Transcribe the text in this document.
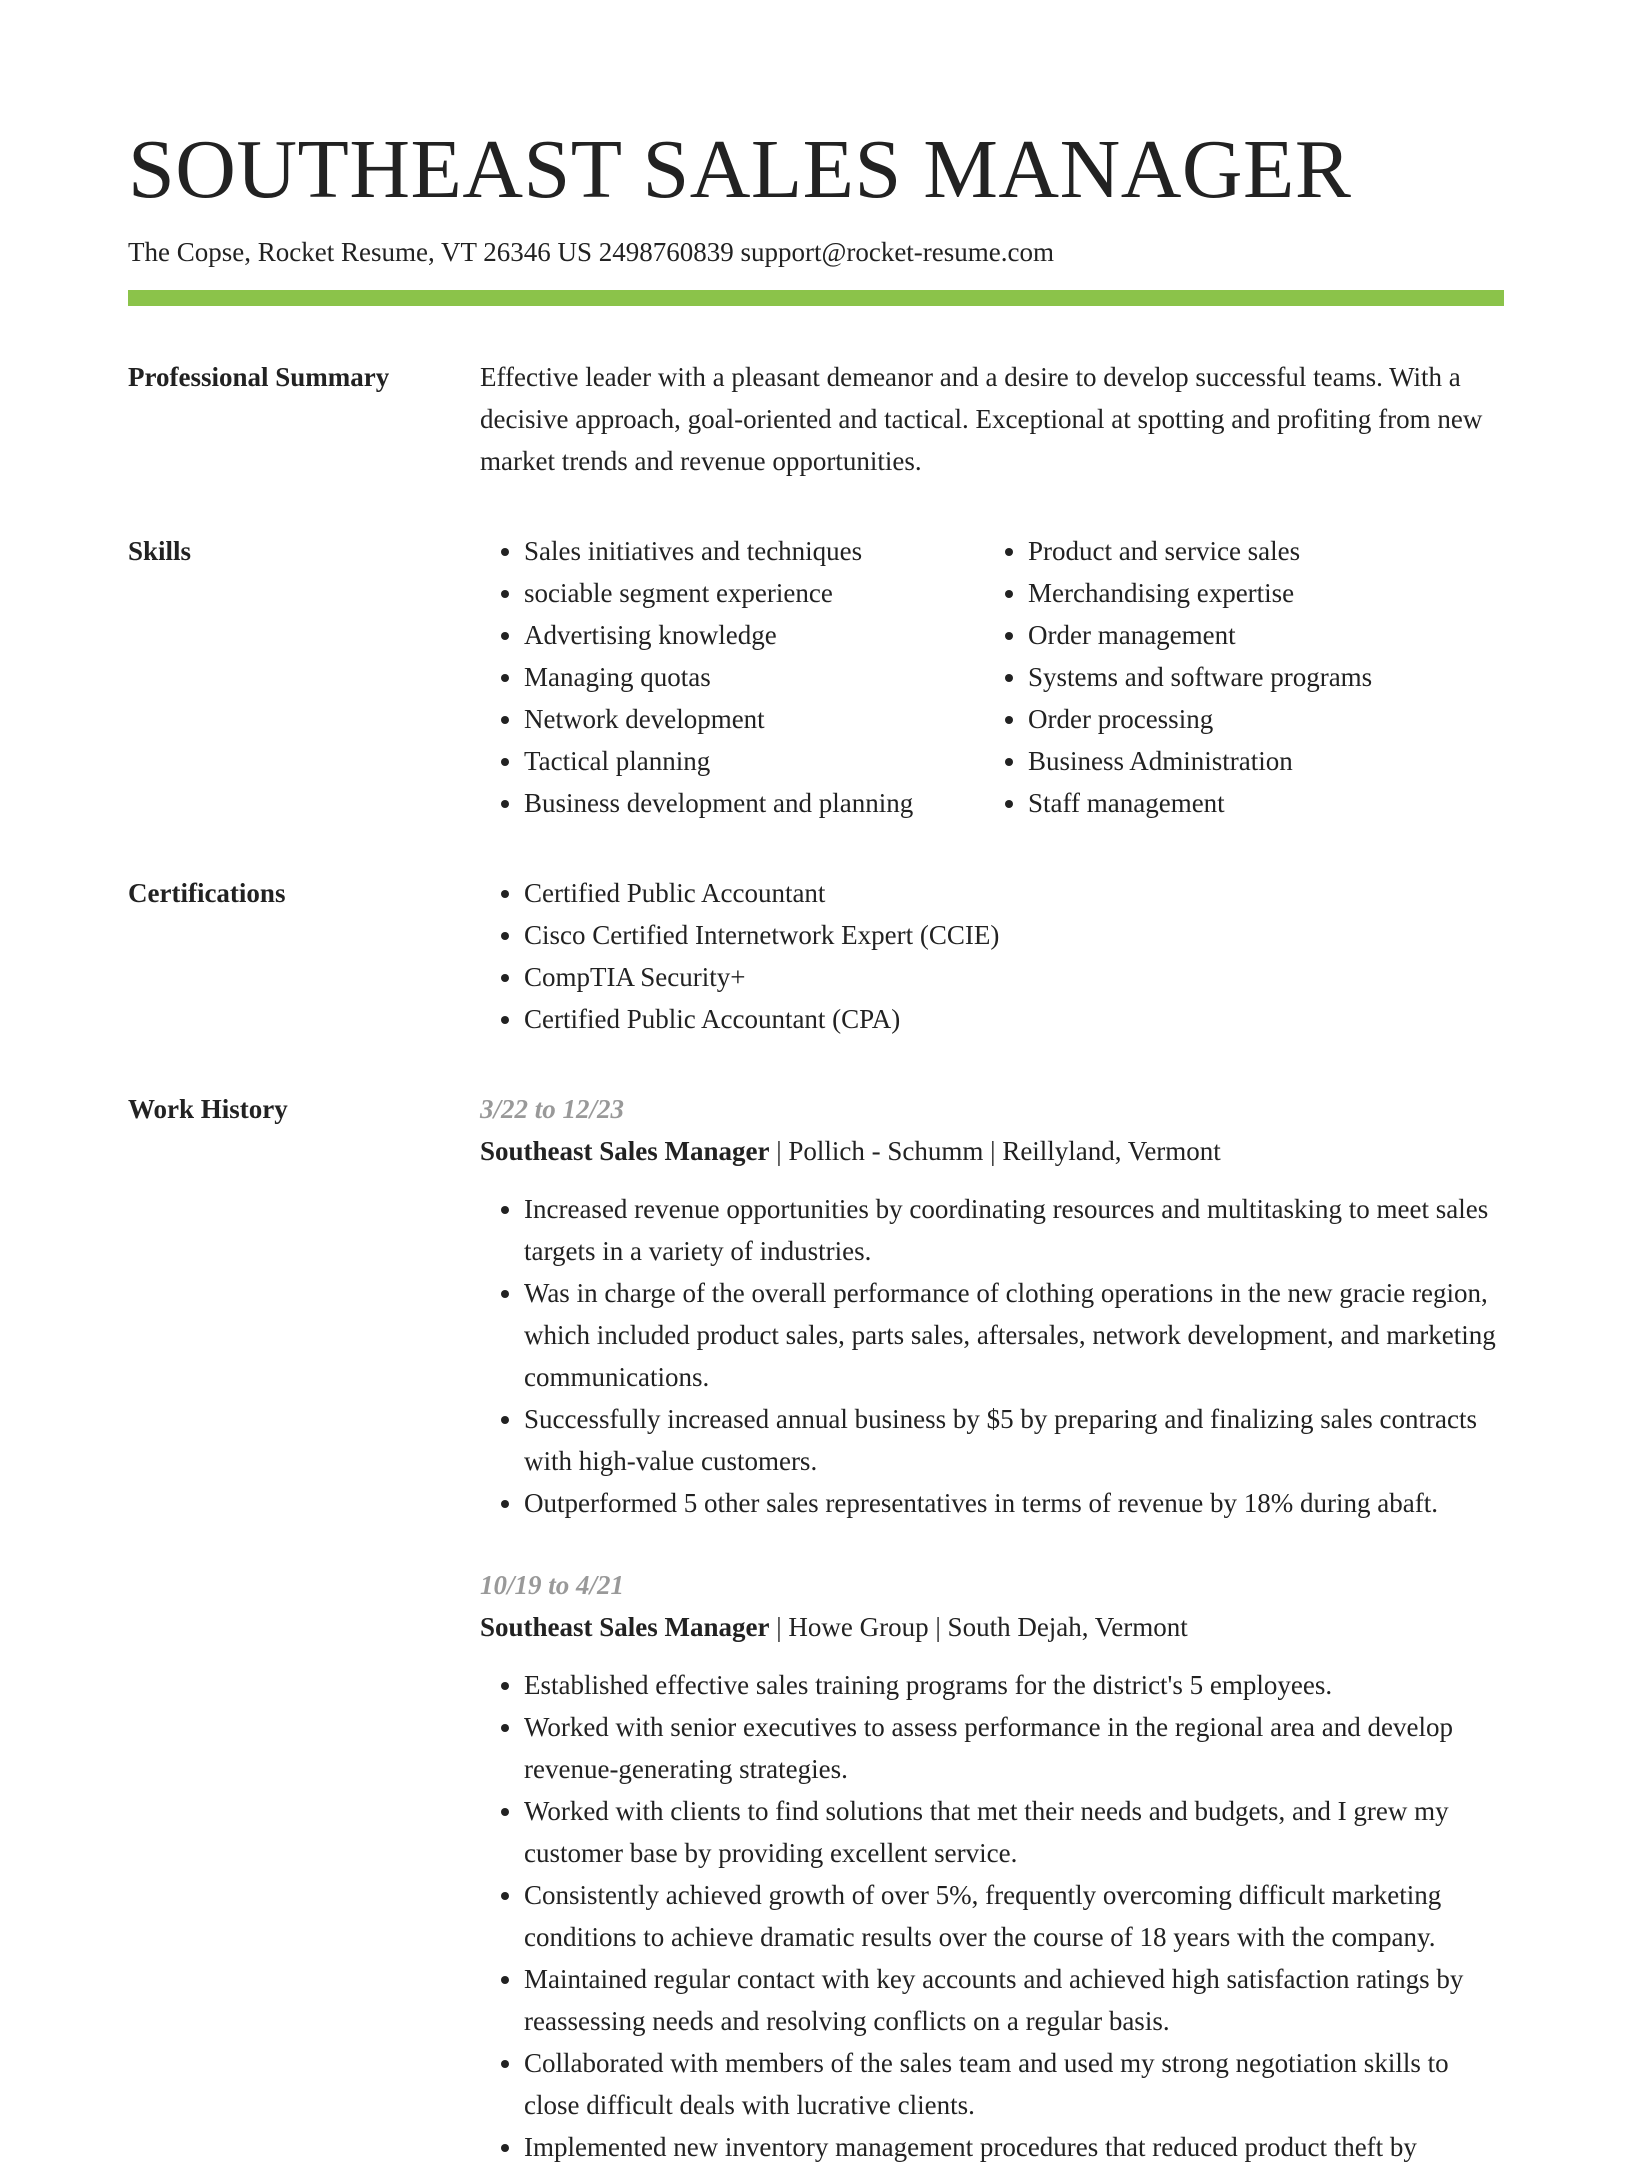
SOUTHEAST SALES MANAGER
The Copse, Rocket Resume, VT 26346 US 2498760839 support@rocket-resume.com
Professional Summary	Effective leader with a pleasant demeanor and a desire to develop successful teams. With a decisive approach, goal-oriented and tactical. Exceptional at spotting and profiting from new market trends and revenue opportunities.

Skills	• Sales initiatives and techniques
• sociable segment experience
• Advertising knowledge
• Managing quotas
• Network development
• Tactical planning
• Business development and planning
• Product and service sales
• Merchandising expertise
• Order management
• Systems and software programs
• Order processing
• Business Administration
• Staff management
Certifications	• Certified Public Accountant
• Cisco Certified Internetwork Expert (CCIE)
• CompTIA Security+
• Certified Public Accountant (CPA)
Work History	3/22 to 12/23
Southeast Sales Manager | Pollich - Schumm | Reillyland, Vermont
• Increased revenue opportunities by coordinating resources and multitasking to meet sales targets in a variety of industries.
• Was in charge of the overall performance of clothing operations in the new gracie region, which included product sales, parts sales, aftersales, network development, and marketing communications.
• Successfully increased annual business by $5 by preparing and finalizing sales contracts with high-value customers.
• Outperformed 5 other sales representatives in terms of revenue by 18% during abaft.
10/19 to 4/21
Southeast Sales Manager | Howe Group | South Dejah, Vermont
• Established effective sales training programs for the district's 5 employees.
• Worked with senior executives to assess performance in the regional area and develop revenue-generating strategies.
• Worked with clients to find solutions that met their needs and budgets, and I grew my customer base by providing excellent service.
• Consistently achieved growth of over 5%, frequently overcoming difficult marketing conditions to achieve dramatic results over the course of 18 years with the company.
• Maintained regular contact with key accounts and achieved high satisfaction ratings by reassessing needs and resolving conflicts on a regular basis.
• Collaborated with members of the sales team and used my strong negotiation skills to close difficult deals with lucrative clients.
• Implemented new inventory management procedures that reduced product theft by
